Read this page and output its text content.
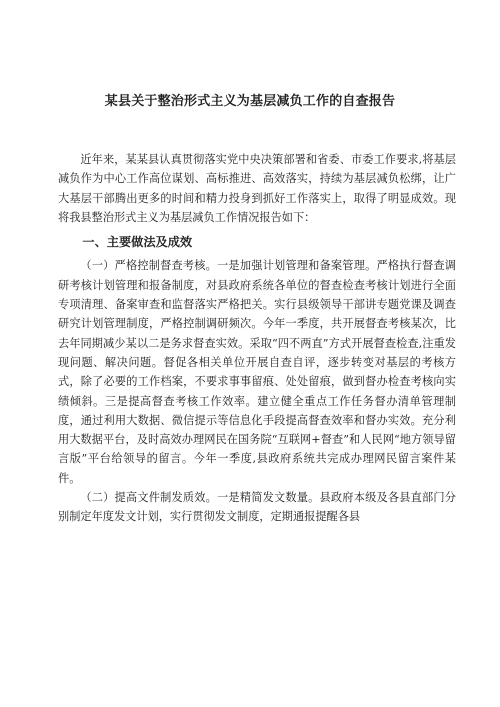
某县关于整治形式主义为基层减负工作的自查报告

近年来，某某县认真贯彻落实党中央决策部署和省委、市委工作要求,将基层减负作为中心工作高位谋划、高标推进、高效落实，持续为基层减负松绑，让广大基层干部腾出更多的时间和精力投身到抓好工作落实上，取得了明显成效。现将我县整治形式主义为基层减负工作情况报告如下：

一、主要做法及成效

（一）严格控制督查考核。一是加强计划管理和备案管理。严格执行督查调研考核计划管理和报备制度，对县政府系统各单位的督查检查考核计划进行全面专项清理、备案审查和监督落实严格把关。实行县级领导干部讲专题党课及调查研究计划管理制度，严格控制调研频次。今年一季度，共开展督查考核某次，比去年同期减少某以二是务求督查实效。采取“四不两直”方式开展督查检查,注重发现问题、解决问题。督促各相关单位开展自查自评，逐步转变对基层的考核方式，除了必要的工作档案，不要求事事留痕、处处留痕，做到督办检查考核向实绩倾斜。三是提高督查考核工作效率。建立健全重点工作任务督办清单管理制度，通过利用大数据、微信提示等信息化手段提高督查效率和督办实效。充分利用大数据平台，及时高效办理网民在国务院“互联网+督查”和人民网“地方领导留言版”平台给领导的留言。今年一季度,县政府系统共完成办理网民留言案件某件。

（二）提高文件制发质效。一是精简发文数量。县政府本级及各县直部门分别制定年度发文计划，实行贯彻发文制度，定期通报提醒各县
